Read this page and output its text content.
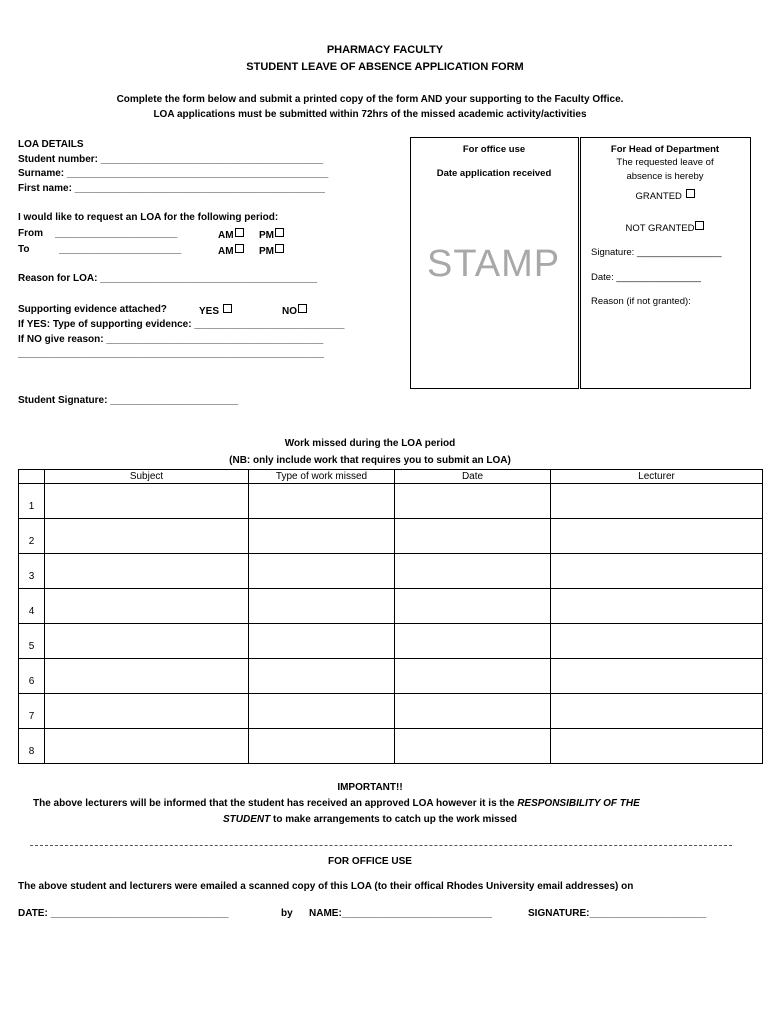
PHARMACY FACULTY
STUDENT LEAVE OF ABSENCE APPLICATION FORM
Complete the form below and submit a printed copy of the form AND your supporting to the Faculty Office.
LOA applications must be submitted within 72hrs of the missed academic activity/activities
LOA DETAILS
Student number: ________________________________________
Surname: _______________________________________________
First name: _____________________________________________
I would like to request an LOA for the following period:
From ______________________	AM	PM
To	______________________	AM	PM
Reason for LOA: _______________________________________
Supporting evidence attached?	YES	NO
If YES: Type of supporting evidence: ___________________________
If NO give reason: _______________________________________
_______________________________________________________
Student Signature: _______________________
For office use
Date application received
STAMP
For Head of Department
The requested leave of
absence is hereby
GRANTED
NOT GRANTED
Signature: ________________
Date: ________________
Reason (if not granted):
Work missed during the LOA period
(NB: only include work that requires you to submit an LOA)
	Subject	Type of work missed	Date	Lecturer
1				
2				
3				
4				
5				
6				
7				
8				
IMPORTANT!!
The above lecturers will be informed that the student has received an approved LOA however it is the RESPONSIBILITY OF THE
STUDENT to make arrangements to catch up the work missed
FOR OFFICE USE
The above student and lecturers were emailed a scanned copy of this LOA (to their offical Rhodes University email addresses) on
DATE: ________________________________	by NAME:___________________________	SIGNATURE:_____________________
